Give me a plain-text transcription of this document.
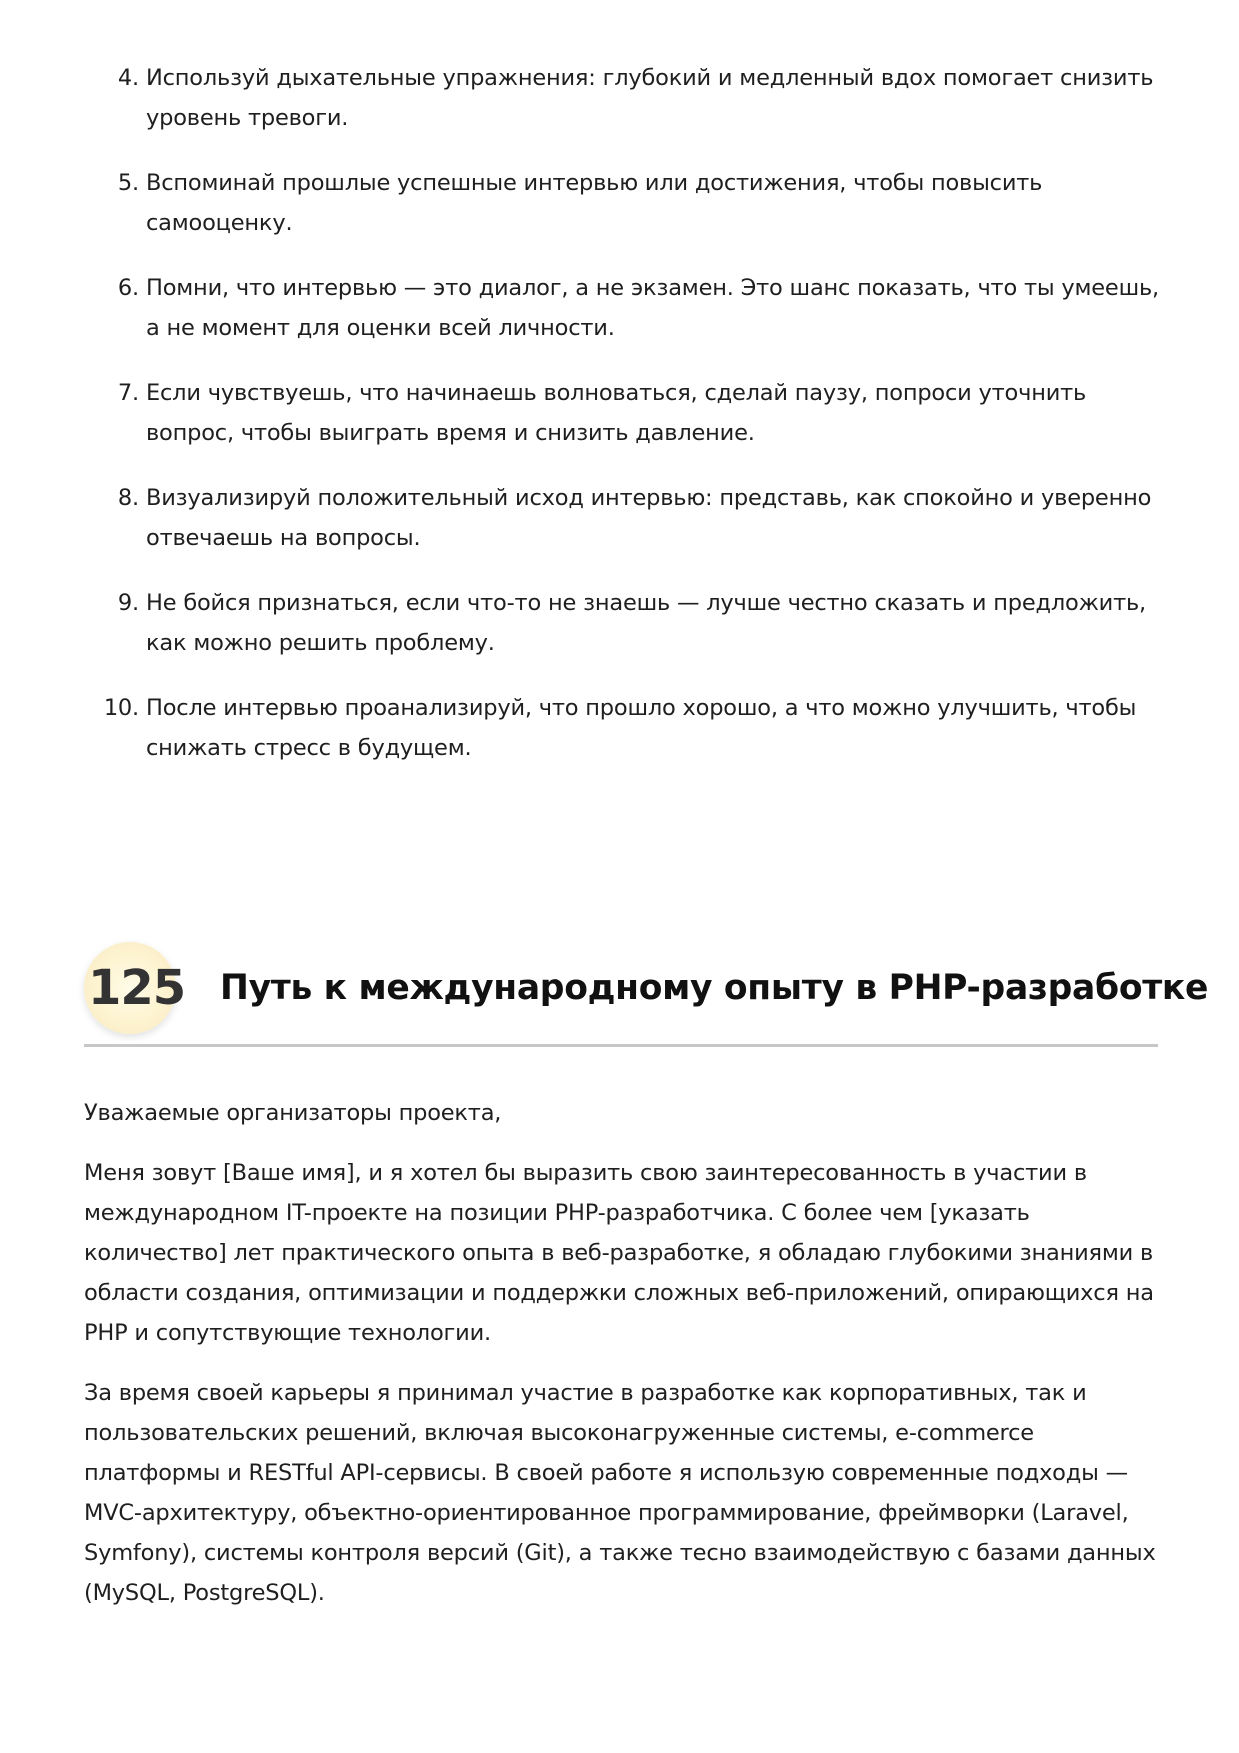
4. Используй дыхательные упражнения: глубокий и медленный вдох помогает снизить уровень тревоги.
5. Вспоминай прошлые успешные интервью или достижения, чтобы повысить самооценку.
6. Помни, что интервью — это диалог, а не экзамен. Это шанс показать, что ты умеешь, а не момент для оценки всей личности.
7. Если чувствуешь, что начинаешь волноваться, сделай паузу, попроси уточнить вопрос, чтобы выиграть время и снизить давление.
8. Визуализируй положительный исход интервью: представь, как спокойно и уверенно отвечаешь на вопросы.
9. Не бойся признаться, если что-то не знаешь — лучше честно сказать и предложить, как можно решить проблему.
10. После интервью проанализируй, что прошло хорошо, а что можно улучшить, чтобы снижать стресс в будущем.
125 Путь к международному опыту в PHP-разработке

Уважаемые организаторы проекта,

Меня зовут [Ваше имя], и я хотел бы выразить свою заинтересованность в участии в международном IT-проекте на позиции PHP-разработчика. С более чем [указать количество] лет практического опыта в веб-разработке, я обладаю глубокими знаниями в области создания, оптимизации и поддержки сложных веб-приложений, опирающихся на PHP и сопутствующие технологии.

За время своей карьеры я принимал участие в разработке как корпоративных, так и пользовательских решений, включая высоконагруженные системы, e-commerce платформы и RESTful API-сервисы. В своей работе я использую современные подходы — MVC-архитектуру, объектно-ориентированное программирование, фреймворки (Laravel, Symfony), системы контроля версий (Git), а также тесно взаимодействую с базами данных (MySQL, PostgreSQL).
